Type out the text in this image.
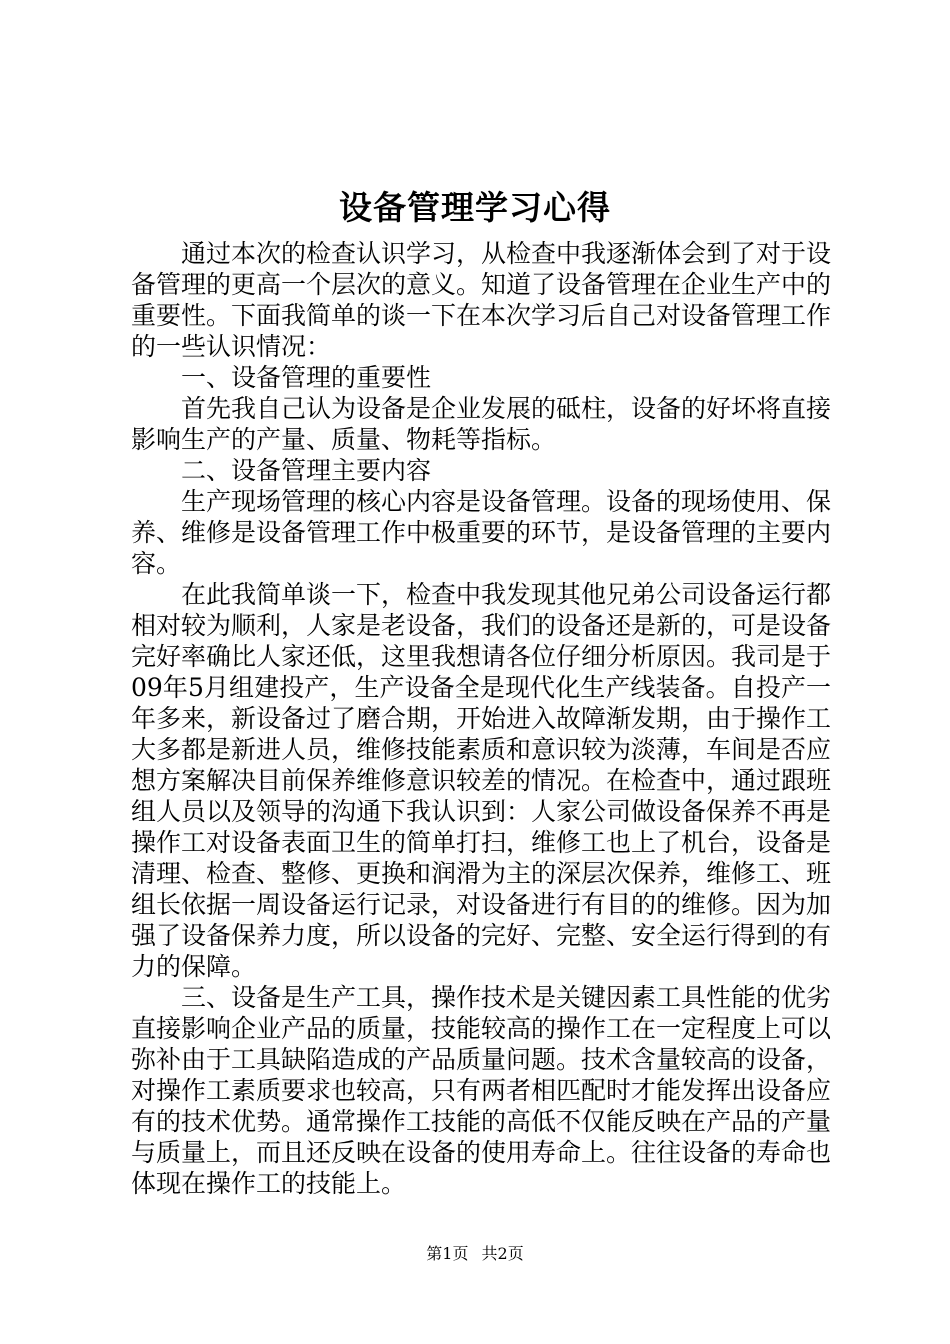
设备管理学习心得

通过本次的检查认识学习，从检查中我逐渐体会到了对于设备管理的更高一个层次的意义。知道了设备管理在企业生产中的重要性。下面我简单的谈一下在本次学习后自己对设备管理工作的一些认识情况：

一、设备管理的重要性

首先我自己认为设备是企业发展的砥柱，设备的好坏将直接影响生产的产量、质量、物耗等指标。

二、设备管理主要内容

生产现场管理的核心内容是设备管理。设备的现场使用、保养、维修是设备管理工作中极重要的环节，是设备管理的主要内容。

在此我简单谈一下，检查中我发现其他兄弟公司设备运行都相对较为顺利，人家是老设备，我们的设备还是新的，可是设备完好率确比人家还低，这里我想请各位仔细分析原因。我司是于09年5月组建投产，生产设备全是现代化生产线装备。自投产一年多来，新设备过了磨合期，开始进入故障渐发期，由于操作工大多都是新进人员，维修技能素质和意识较为淡薄，车间是否应想方案解决目前保养维修意识较差的情况。在检查中，通过跟班组人员以及领导的沟通下我认识到：人家公司做设备保养不再是操作工对设备表面卫生的简单打扫，维修工也上了机台，设备是清理、检查、整修、更换和润滑为主的深层次保养，维修工、班组长依据一周设备运行记录，对设备进行有目的的维修。因为加强了设备保养力度，所以设备的完好、完整、安全运行得到的有力的保障。

三、设备是生产工具，操作技术是关键因素工具性能的优劣直接影响企业产品的质量，技能较高的操作工在一定程度上可以弥补由于工具缺陷造成的产品质量问题。技术含量较高的设备，对操作工素质要求也较高，只有两者相匹配时才能发挥出设备应有的技术优势。通常操作工技能的高低不仅能反映在产品的产量与质量上，而且还反映在设备的使用寿命上。往往设备的寿命也体现在操作工的技能上。

第1页 共2页
